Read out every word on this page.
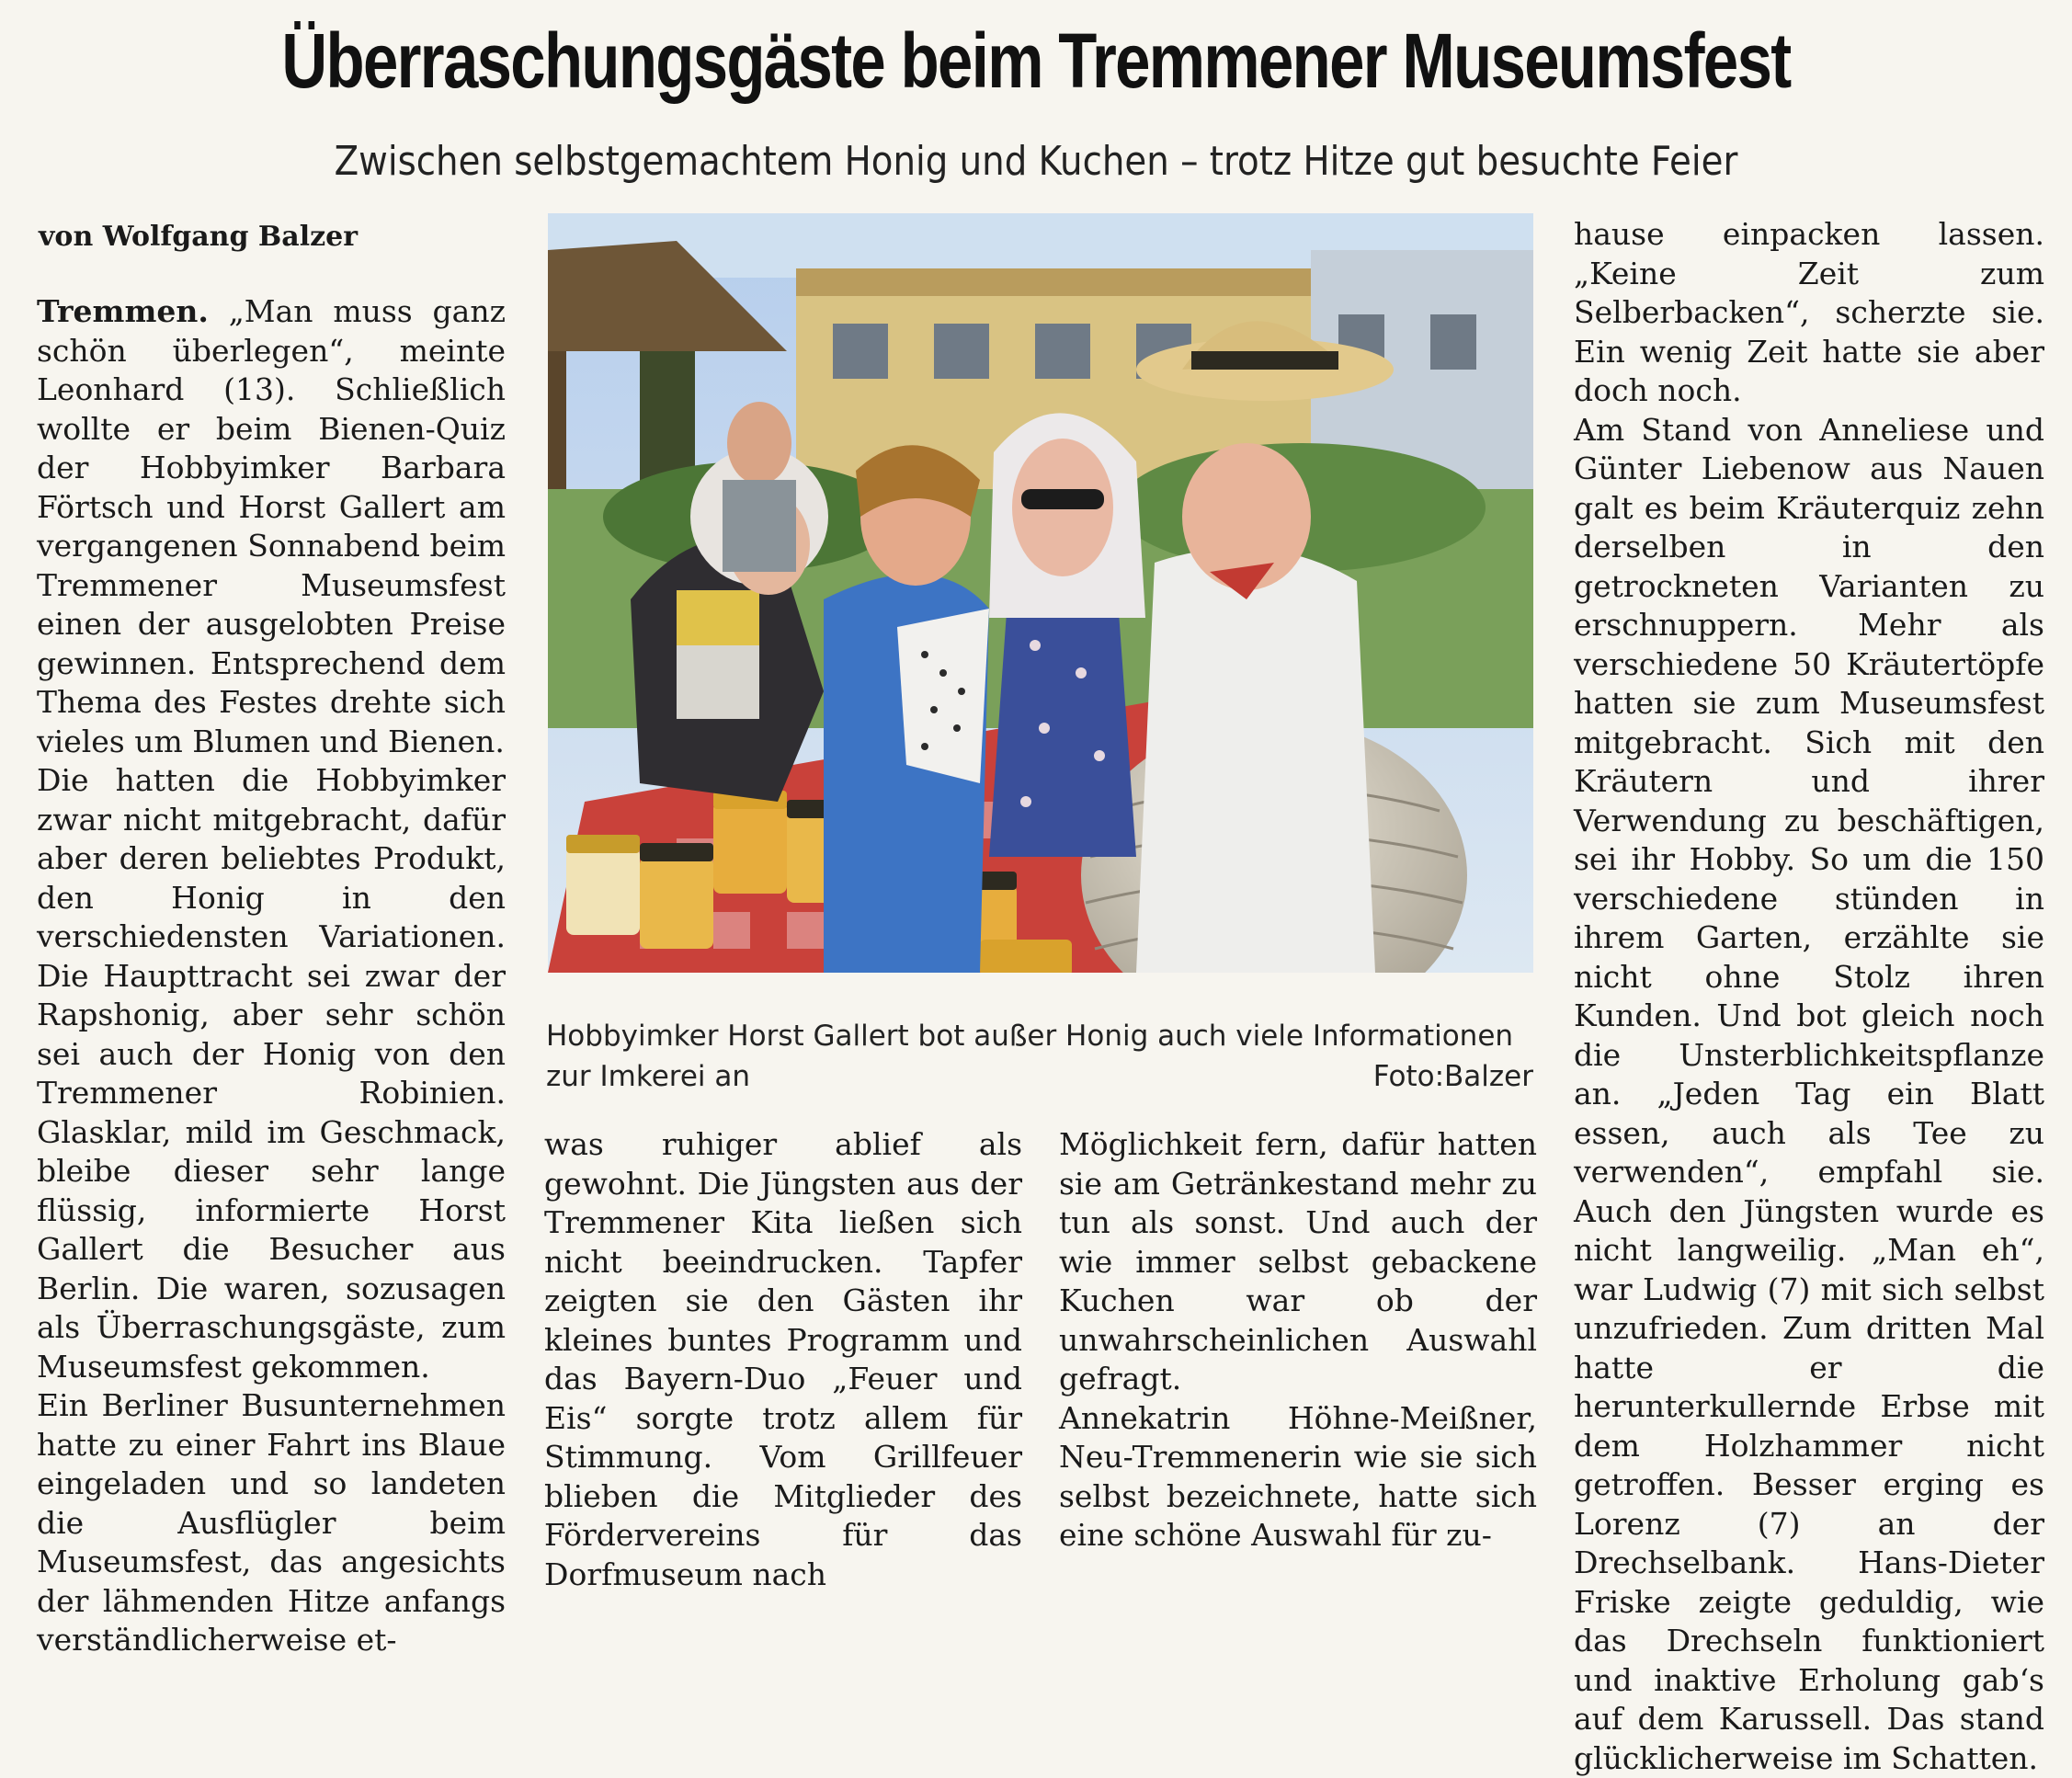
Überraschungsgäste beim Tremmener Museumsfest
Zwischen selbstgemachtem Honig und Kuchen – trotz Hitze gut besuchte Feier
von Wolfgang Balzer

Tremmen. „Man muss ganz schön überlegen“, meinte Leonhard (13). Schließlich wollte er beim Bienen-Quiz der Hobbyimker Barbara Förtsch und Horst Gallert am vergangenen Sonnabend beim Tremmener Museumsfest einen der ausgelobten Preise gewinnen. Entsprechend dem Thema des Festes drehte sich vieles um Blumen und Bienen.

Die hatten die Hobbyimker zwar nicht mitgebracht, dafür aber deren beliebtes Produkt, den Honig in den verschiedensten Variationen. Die Haupttracht sei zwar der Rapshonig, aber sehr schön sei auch der Honig von den Tremmener Robinien. Glasklar, mild im Geschmack, bleibe dieser sehr lange flüssig, informierte Horst Gallert die Besucher aus Berlin. Die waren, sozusagen als Überraschungsgäste, zum Museumsfest gekommen.

Ein Berliner Busunternehmen hatte zu einer Fahrt ins Blaue eingeladen und so landeten die Ausflügler beim Museumsfest, das angesichts der lähmenden Hitze anfangs verständlicherweise et-

Hobbyimker Horst Gallert bot außer Honig auch viele Informationen zur Imkerei an	Foto:Balzer

was ruhiger ablief als gewohnt. Die Jüngsten aus der Tremmener Kita ließen sich nicht beeindrucken. Tapfer zeigten sie den Gästen ihr kleines buntes Programm und das Bayern-Duo „Feuer und Eis“ sorgte trotz allem für Stimmung. Vom Grillfeuer blieben die Mitglieder des Fördervereins für das Dorfmuseum nach

Möglichkeit fern, dafür hatten sie am Getränkestand mehr zu tun als sonst. Und auch der wie immer selbst gebackene Kuchen war ob der unwahrscheinlichen Auswahl gefragt.

Annekatrin Höhne-Meißner, Neu-Tremmenerin wie sie sich selbst bezeichnete, hatte sich eine schöne Auswahl für zu-

hause einpacken lassen. „Keine Zeit zum Selberbacken“, scherzte sie. Ein wenig Zeit hatte sie aber doch noch.

Am Stand von Anneliese und Günter Liebenow aus Nauen galt es beim Kräuterquiz zehn derselben in den getrockneten Varianten zu erschnuppern. Mehr als verschiedene 50 Kräutertöpfe hatten sie zum Museumsfest mitgebracht. Sich mit den Kräutern und ihrer Verwendung zu beschäftigen, sei ihr Hobby. So um die 150 verschiedene stünden in ihrem Garten, erzählte sie nicht ohne Stolz ihren Kunden. Und bot gleich noch die Unsterblichkeitspflanze an. „Jeden Tag ein Blatt essen, auch als Tee zu verwenden“, empfahl sie. Auch den Jüngsten wurde es nicht langweilig. „Man eh“, war Ludwig (7) mit sich selbst unzufrieden. Zum dritten Mal hatte er die herunterkullernde Erbse mit dem Holzhammer nicht getroffen. Besser erging es Lorenz (7) an der Drechselbank. Hans-Dieter Friske zeigte geduldig, wie das Drechseln funktioniert und inaktive Erholung gab‘s auf dem Karussell. Das stand glücklicherweise im Schatten.
